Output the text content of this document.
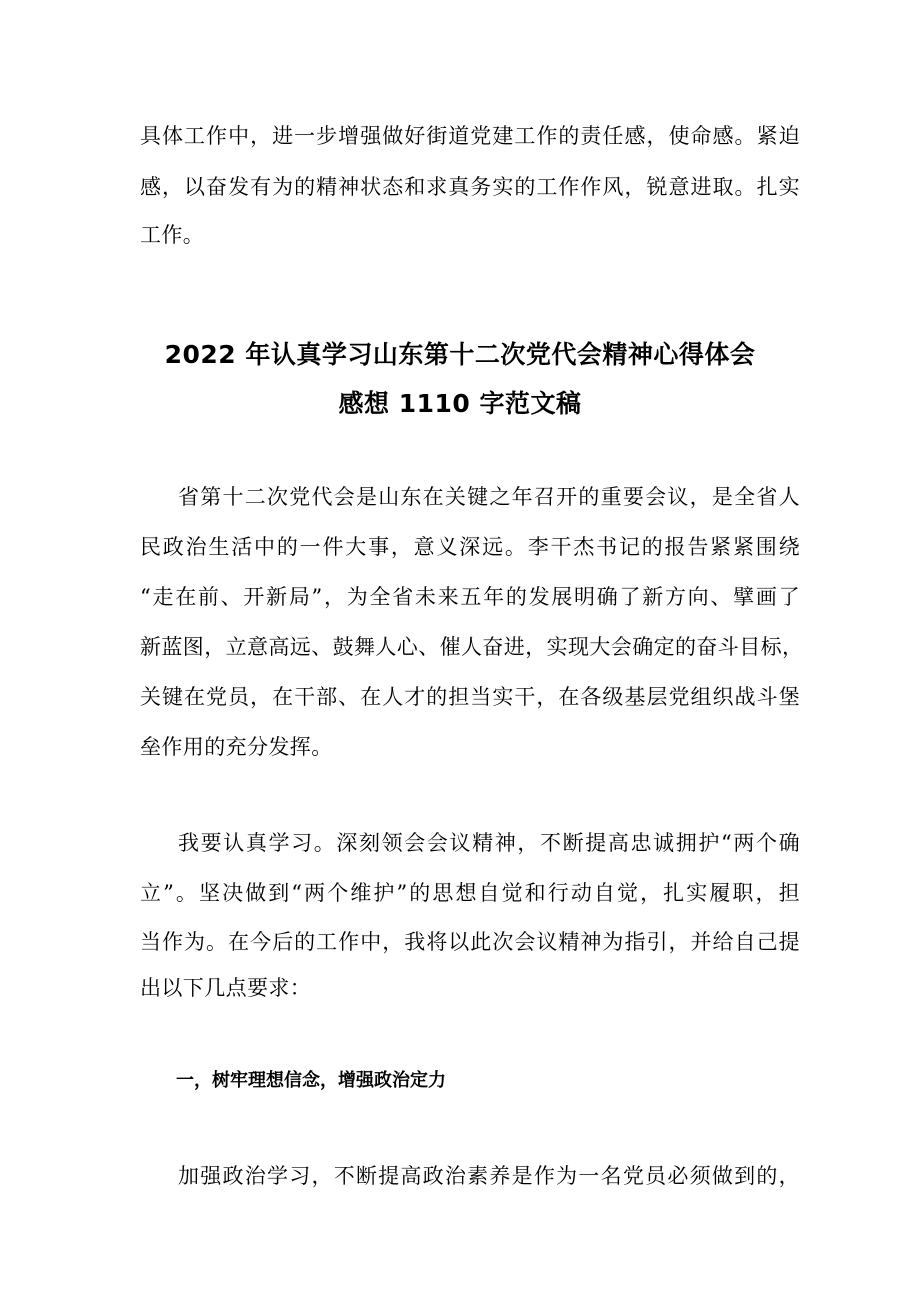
具体工作中，进一步增强做好街道党建工作的责任感，使命感。紧迫
感，以奋发有为的精神状态和求真务实的工作作风，锐意进取。扎实
工作。
2022 年认真学习山东第十二次党代会精神心得体会
感想 1110 字范文稿
省第十二次党代会是山东在关键之年召开的重要会议，是全省人
民政治生活中的一件大事，意义深远。李干杰书记的报告紧紧围绕
“走在前、开新局”，为全省未来五年的发展明确了新方向、擘画了
新蓝图，立意高远、鼓舞人心、催人奋进，实现大会确定的奋斗目标，
关键在党员，在干部、在人才的担当实干，在各级基层党组织战斗堡
垒作用的充分发挥。
我要认真学习。深刻领会会议精神，不断提高忠诚拥护“两个确
立”。坚决做到“两个维护”的思想自觉和行动自觉，扎实履职，担
当作为。在今后的工作中，我将以此次会议精神为指引，并给自己提
出以下几点要求：
一，树牢理想信念，增强政治定力
加强政治学习，不断提高政治素养是作为一名党员必须做到的，
